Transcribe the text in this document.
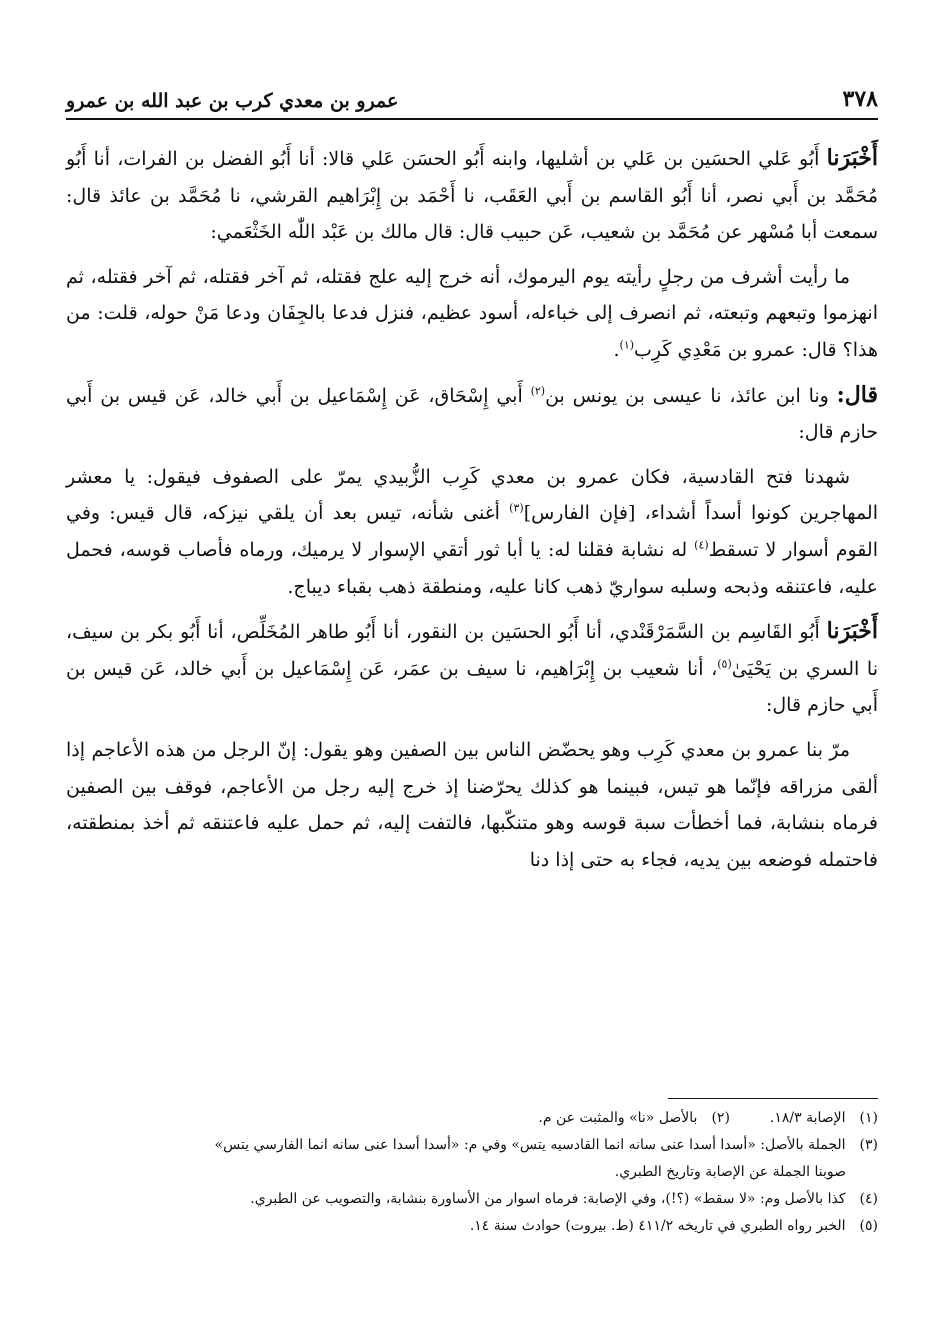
٣٧٨
عمرو بن معدي كرب بن عبد الله بن عمرو

أَخْبَرَنا أَبُو عَلي الحسَين بن عَلي بن أشليها، وابنه أَبُو الحسَن عَلي قالا: أنا أَبُو الفضل بن الفرات، أنا أَبُو مُحَمَّد بن أَبي نصر، أنا أَبُو القاسم بن أَبي العَقَب، نا أَحْمَد بن إِبْرَاهيم القرشي، نا مُحَمَّد بن عائذ قال: سمعت أبا مُسْهر عن مُحَمَّد بن شعيب، عَن حبيب قال: قال مالك بن عَبْد اللّٰه الخَثْعَمي:

ما رأيت أشرف من رجلٍ رأيته يوم اليرموك، أنه خرج إليه علج فقتله، ثم آخر فقتله، ثم آخر فقتله، ثم انهزموا وتبعهم وتبعته، ثم انصرف إلى خباءله، أسود عظيم، فنزل فدعا بالجِفَان ودعا مَنْ حوله، قلت: من هذا؟ قال: عمرو بن مَعْدِي كَرِب$^{(١)}$.

قال: ونا ابن عائذ، نا عيسى بن يونس بن$^{(٢)}$ أَبي إِسْحَاق، عَن إِسْمَاعيل بن أَبي خالد، عَن قيس بن أَبي حازم قال:

شهدنا فتح القادسية، فكان عمرو بن معدي كَرِب الزُّبيدي يمرّ على الصفوف فيقول: يا معشر المهاجرين كونوا أسداً أشداء، [فإن الفارس]$^{(٣)}$ أغنى شأنه، تيس بعد أن يلقي نيزكه، قال قيس: وفي القوم أسوار لا تسقط$^{(٤)}$ له نشابة فقلنا له: يا أبا ثور أتقي الإسوار لا يرميك، ورماه فأصاب قوسه، فحمل عليه، فاعتنقه وذبحه وسلبه سواريّ ذهب كانا عليه، ومنطقة ذهب بقباء ديباج.

أَخْبَرَنا أَبُو القَاسِم بن السَّمَرْقَنْدي، أنا أَبُو الحسَين بن النقور، أنا أَبُو طاهر المُخَلِّص، أنا أَبُو بكر بن سيف، نا السري بن يَحْيَىٰ$^{(٥)}$، أنا شعيب بن إِبْرَاهيم، نا سيف بن عمَر، عَن إِسْمَاعيل بن أَبي خالد، عَن قيس بن أَبي حازم قال:

مرّ بنا عمرو بن معدي كَرِب وهو يحضّض الناس بين الصفين وهو يقول: إنّ الرجل من هذه الأعاجم إذا ألقى مزراقه فإنّما هو تيس، فبينما هو كذلك يحرّضنا إذ خرج إليه رجل من الأعاجم، فوقف بين الصفين فرماه بنشابة، فما أخطأت سبة قوسه وهو متنكّبها، فالتفت إليه، ثم حمل عليه فاعتنقه ثم أخذ بمنطقته، فاحتمله فوضعه بين يديه، فجاء به حتى إذا دنا

(١) الإصابة ١٨/٣.

(٢) بالأصل «نا» والمثبت عن م.

(٣) الجملة بالأصل: «أسدا أسدا عنى سانه انما القادسيه يتس» وفي م: «أسدا أسدا عنى سانه انما الفارسي يتس»

صوبنا الجملة عن الإصابة وتاريخ الطبري.

(٤) كذا بالأصل وم: «لا سقط» (؟!)، وفي الإصابة: فرماه اسوار من الأساورة بنشابة، والتصويب عن الطبري.

(٥) الخبر رواه الطبري في تاريخه ٤١١/٢ (ط. بيروت) حوادث سنة ١٤.
